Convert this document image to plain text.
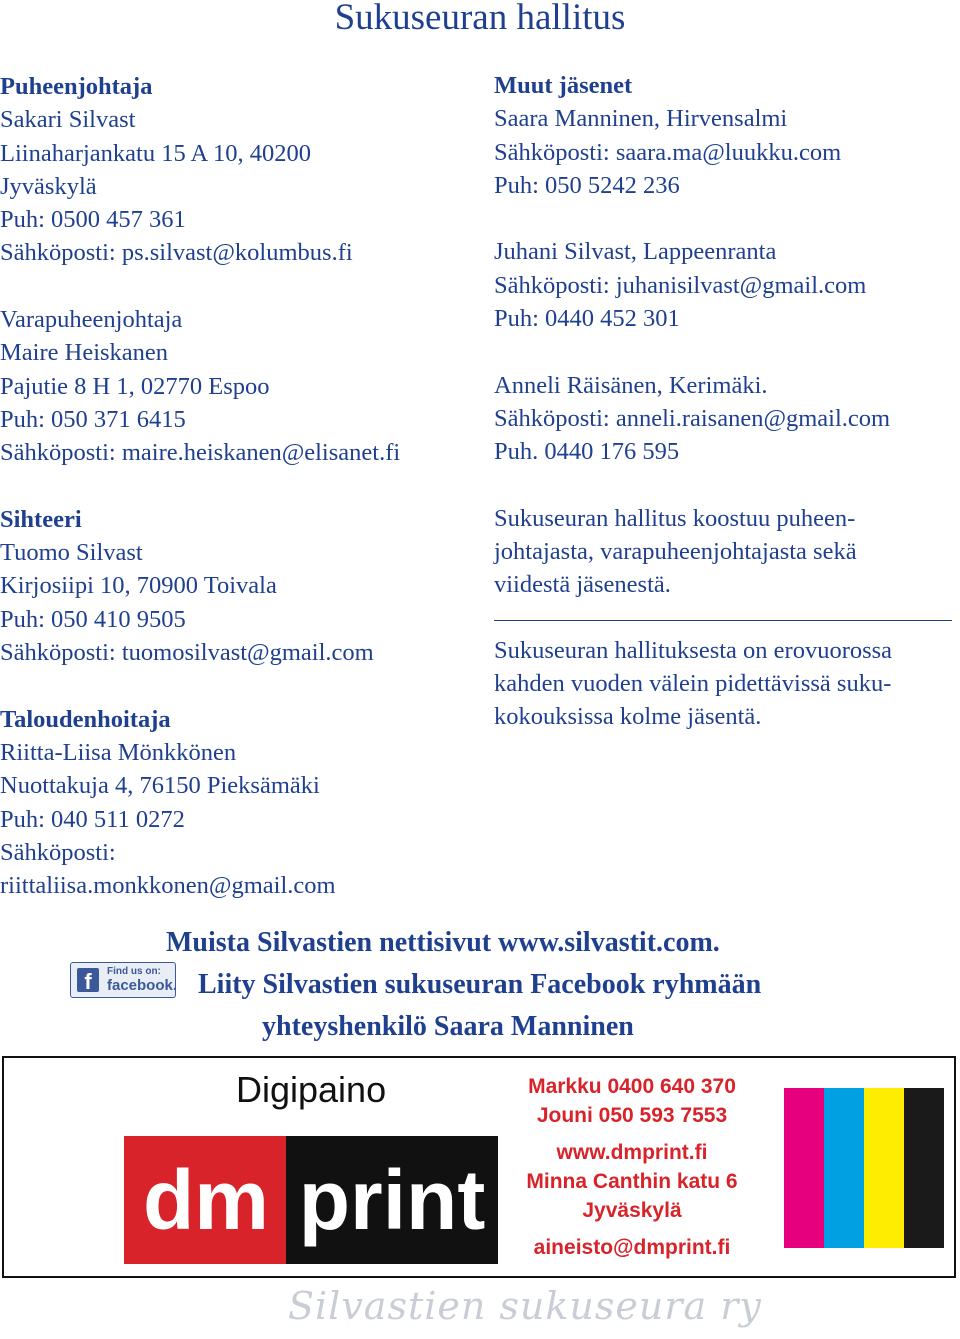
Sukuseuran hallitus
Puheenjohtaja
Sakari Silvast
Liinaharjankatu 15 A 10, 40200
Jyväskylä
Puh: 0500 457 361
Sähköposti: ps.silvast@kolumbus.fi
Varapuheenjohtaja
Maire Heiskanen
Pajutie 8 H 1, 02770 Espoo
Puh: 050 371 6415
Sähköposti: maire.heiskanen@elisanet.fi
Sihteeri
Tuomo Silvast
Kirjosiipi 10, 70900 Toivala
Puh: 050 410 9505
Sähköposti: tuomosilvast@gmail.com
Taloudenhoitaja
Riitta-Liisa Mönkkönen
Nuottakuja 4, 76150 Pieksämäki
Puh: 040 511 0272
Sähköposti:
riittaliisa.monkkonen@gmail.com
Muut jäsenet
Saara Manninen, Hirvensalmi
Sähköposti: saara.ma@luukku.com
Puh: 050 5242 236
Juhani Silvast, Lappeenranta
Sähköposti: juhanisilvast@gmail.com
Puh: 0440 452 301
Anneli Räisänen, Kerimäki.
Sähköposti: anneli.raisanen@gmail.com
Puh. 0440 176 595
Sukuseuran hallitus koostuu puheen-
johtajasta, varapuheenjohtajasta sekä
viidestä jäsenestä.
Sukuseuran hallituksesta on erovuorossa
kahden vuoden välein pidettävissä suku-
kokouksissa kolme jäsentä.
Muista Silvastien nettisivut www.silvastit.com.
Liity Silvastien sukuseuran Facebook ryhmään
yhteyshenkilö Saara Manninen
f	Find us on:
facebook.
Digipaino
dm print
Markku 0400 640 370
Jouni 050 593 7553
www.dmprint.fi
Minna Canthin katu 6
Jyväskylä
aineisto@dmprint.fi
Silvastien sukuseura ry
